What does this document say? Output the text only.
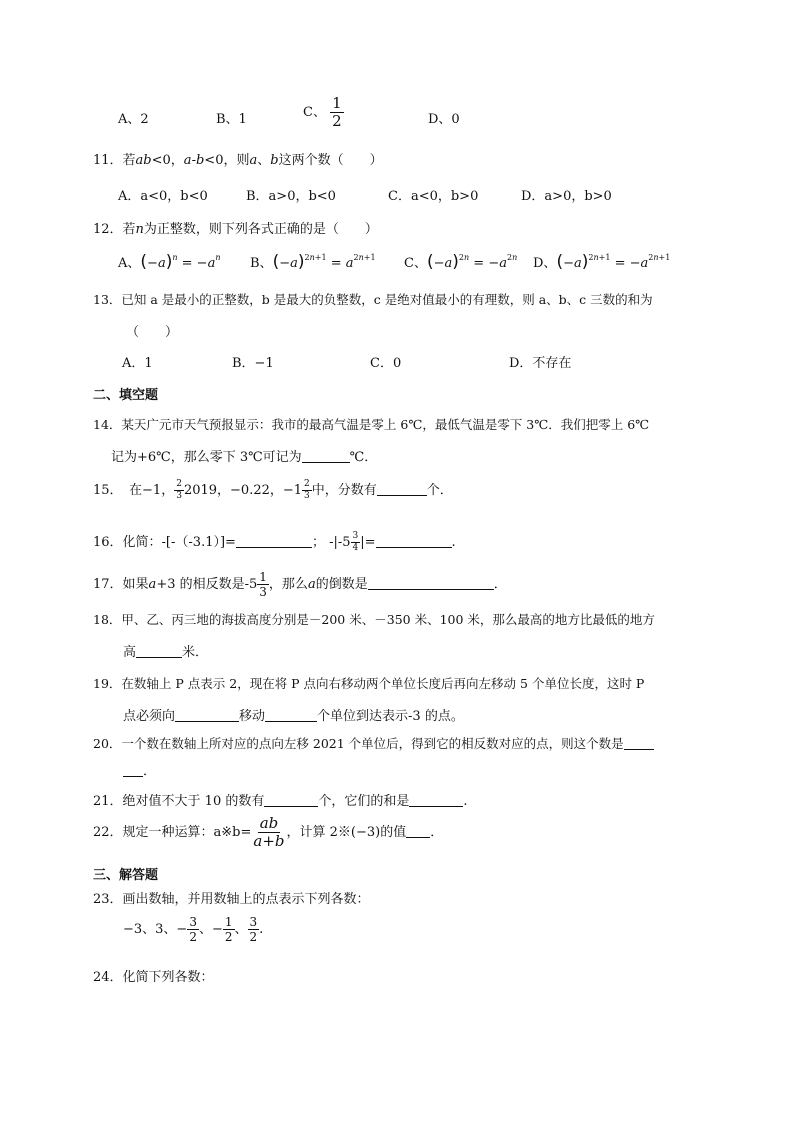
A、2	B、1	C、 $\frac{1}{2}$	D、0
11．若ab<0，a-b<0，则a、b这两个数（　　）
A．a<0，b<0	B．a>0，b<0	C．a<0，b>0	D．a>0，b>0
12．若n为正整数，则下列各式正确的是（　　）
A、$(-a)^n = -a^n$ B、$(-a)^{2n+1} = a^{2n+1}$ C、$(-a)^{2n} = -a^{2n}$ D、$(-a)^{2n+1} = -a^{2n+1}$
13．已知 a 是最小的正整数，b 是最大的负整数，c 是绝对值最小的有理数，则 a、b、c 三数的和为
（　　）
A．1	B．−1	C．0	D．不存在
二、填空题
14．某天广元市天气预报显示：我市的最高气温是零上 6℃，最低气温是零下 3℃．我们把零上 6℃
记为+6℃，那么零下 3℃可记为	℃．
15．　在−1， $\frac{2}{3} 2019$，−0.22，$-1 \frac{2}{3}$ 中，分数有	个．
16．化简：-[-（-3.1）]=	； $-|-5 \frac{3}{4}$ |=	.
17．如果a+3 的相反数是$-5 \frac{1}{3}$ ，那么a的倒数是	．
18．甲、乙、丙三地的海拔高度分别是－200 米、－350 米、100 米，那么最高的地方比最低的地方
高	米．
19．在数轴上 P 点表示 2，现在将 P 点向右移动两个单位长度后再向左移动 5 个单位长度，这时 P
点必须向	移动	个单位到达表示-3 的点。
20．一个数在数轴上所对应的点向左移 2021 个单位后，得到它的相反数对应的点，则这个数是
．
21．绝对值不大于 10 的数有	个，它们的和是	.
22．规定一种运算：a※b= $\frac{ab}{a+b}$ ，计算 2※(−3)的值 ．
三、解答题
23．画出数轴，并用数轴上的点表示下列各数：
−3、3、− $\frac{3}{2}$ 、− $\frac{1}{2}$ 、 $\frac{3}{2}$ .
24．化简下列各数：
